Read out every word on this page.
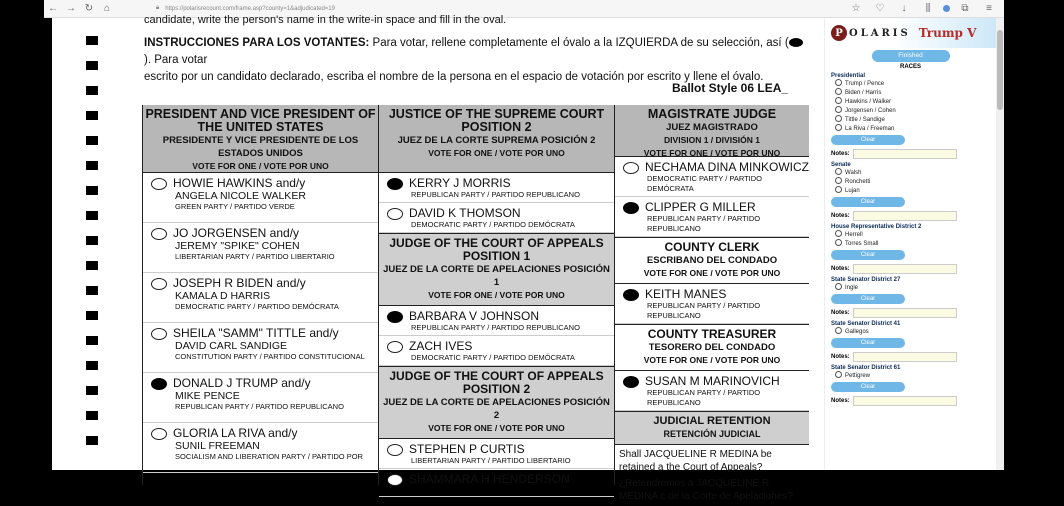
← → ↻	⌂	🔒︎ https://polarisrecount.com/frame.asp?county=1&adjudicated=19	☆	♡	↓	⫼	⧉	≡
candidate, write the person's name in the write-in space and fill in the oval.
INSTRUCCIONES PARA LOS VOTANTES: Para votar, rellene completamente el óvalo a la IZQUIERDA de su selección, así (). Para votar
escrito por un candidato declarado, escriba el nombre de la persona en el espacio de votación por escrito y llene el óvalo.
Ballot Style 06 LEA_
PRESIDENT AND VICE PRESIDENT OF THE UNITED STATES
PRESIDENTE Y VICE PRESIDENTE DE LOS ESTADOS UNIDOS
VOTE FOR ONE / VOTE POR UNO
HOWIE HAWKINS and/y
ANGELA NICOLE WALKER
GREEN PARTY / PARTIDO VERDE
JO JORGENSEN and/y
JEREMY "SPIKE" COHEN
LIBERTARIAN PARTY / PARTIDO LIBERTARIO
JOSEPH R BIDEN and/y
KAMALA D HARRIS
DEMOCRATIC PARTY / PARTIDO DEMÓCRATA
SHEILA "SAMM" TITTLE and/y
DAVID CARL SANDIGE
CONSTITUTION PARTY / PARTIDO CONSTITUCIONAL
DONALD J TRUMP and/y
MIKE PENCE
REPUBLICAN PARTY / PARTIDO REPUBLICANO
GLORIA LA RIVA and/y
SUNIL FREEMAN
SOCIALISM AND LIBERATION PARTY / PARTIDO POR
JUSTICE OF THE SUPREME COURT POSITION 2
JUEZ DE LA CORTE SUPREMA POSICIÓN 2
VOTE FOR ONE / VOTE POR UNO
KERRY J MORRIS
REPUBLICAN PARTY / PARTIDO REPUBLICANO
DAVID K THOMSON
DEMOCRATIC PARTY / PARTIDO DEMÓCRATA
JUDGE OF THE COURT OF APPEALS POSITION 1
JUEZ DE LA CORTE DE APELACIONES POSICIÓN 1
VOTE FOR ONE / VOTE POR UNO
BARBARA V JOHNSON
REPUBLICAN PARTY / PARTIDO REPUBLICANO
ZACH IVES
DEMOCRATIC PARTY / PARTIDO DEMÓCRATA
JUDGE OF THE COURT OF APPEALS POSITION 2
JUEZ DE LA CORTE DE APELACIONES POSICIÓN 2
VOTE FOR ONE / VOTE POR UNO
STEPHEN P CURTIS
LIBERTARIAN PARTY / PARTIDO LIBERTARIO
SHAMMARA H HENDERSON
MAGISTRATE JUDGE
JUEZ MAGISTRADO
DIVISION 1 / DIVISIÓN 1
VOTE FOR ONE / VOTE POR UNO
NECHAMA DINA MINKOWICZ
DEMOCRATIC PARTY / PARTIDO DEMÓCRATA
CLIPPER G MILLER
REPUBLICAN PARTY / PARTIDO REPUBLICANO
COUNTY CLERK
ESCRIBANO DEL CONDADO
VOTE FOR ONE / VOTE POR UNO
KEITH MANES
REPUBLICAN PARTY / PARTIDO REPUBLICANO
COUNTY TREASURER
TESORERO DEL CONDADO
VOTE FOR ONE / VOTE POR UNO
SUSAN M MARINOVICH
REPUBLICAN PARTY / PARTIDO REPUBLICANO
JUDICIAL RETENTION
RETENCIÓN JUDICIAL
Shall JACQUELINE R MEDINA be retained a the Court of Appeals?
¿Retendremos a JACQUELINE R MEDINA c de la Corte de Apelaciones?
P OLARIS Trump V
Finished
RACES
Presidential
Trump / Pence
Biden / Harris
Hawkins / Walker
Jorgensen / Cohen
Tittle / Sandige
La Riva / Freeman
Clear
Notes:
Senate
Walsh
Ronchetti
Lujan
Clear
Notes:
House Representative District 2
Herrell
Torres Small
Clear
Notes:
State Senator District 27
Ingle
Clear
Notes:
State Senator District 41
Gallegos
Clear
Notes:
State Senator District 61
Pettigrew
Clear
Notes:
